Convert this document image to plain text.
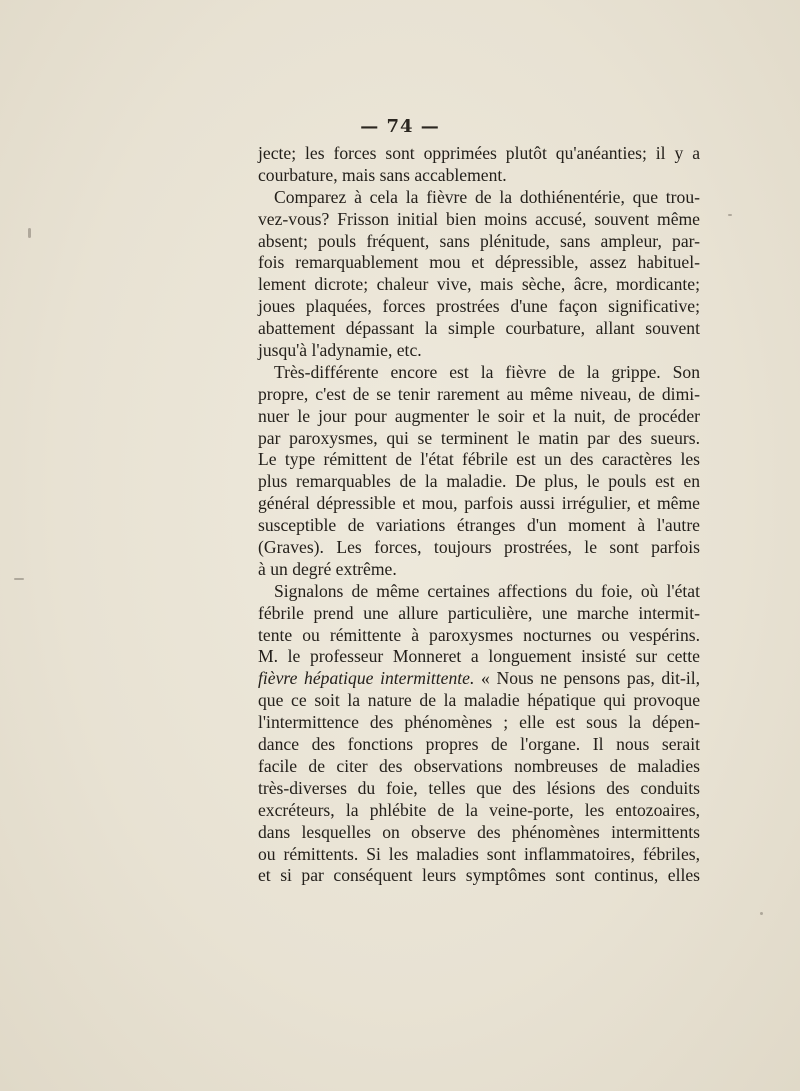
— 74 —
jecte; les forces sont opprimées plutôt qu'anéanties; il y a
courbature, mais sans accablement.
Comparez à cela la fièvre de la dothiénentérie, que trou-
vez-vous? Frisson initial bien moins accusé, souvent même
absent; pouls fréquent, sans plénitude, sans ampleur, par-
fois remarquablement mou et dépressible, assez habituel-
lement dicrote; chaleur vive, mais sèche, âcre, mordicante;
joues plaquées, forces prostrées d'une façon significative;
abattement dépassant la simple courbature, allant souvent
jusqu'à l'adynamie, etc.
Très-différente encore est la fièvre de la grippe. Son
propre, c'est de se tenir rarement au même niveau, de dimi-
nuer le jour pour augmenter le soir et la nuit, de procéder
par paroxysmes, qui se terminent le matin par des sueurs.
Le type rémittent de l'état fébrile est un des caractères les
plus remarquables de la maladie. De plus, le pouls est en
général dépressible et mou, parfois aussi irrégulier, et même
susceptible de variations étranges d'un moment à l'autre
(Graves). Les forces, toujours prostrées, le sont parfois
à un degré extrême.
Signalons de même certaines affections du foie, où l'état
fébrile prend une allure particulière, une marche intermit-
tente ou rémittente à paroxysmes nocturnes ou vespérins.
M. le professeur Monneret a longuement insisté sur cette
fièvre hépatique intermittente. « Nous ne pensons pas, dit-il,
que ce soit la nature de la maladie hépatique qui provoque
l'intermittence des phénomènes ; elle est sous la dépen-
dance des fonctions propres de l'organe. Il nous serait
facile de citer des observations nombreuses de maladies
très-diverses du foie, telles que des lésions des conduits
excréteurs, la phlébite de la veine-porte, les entozoaires,
dans lesquelles on observe des phénomènes intermittents
ou rémittents. Si les maladies sont inflammatoires, fébriles,
et si par conséquent leurs symptômes sont continus, elles
